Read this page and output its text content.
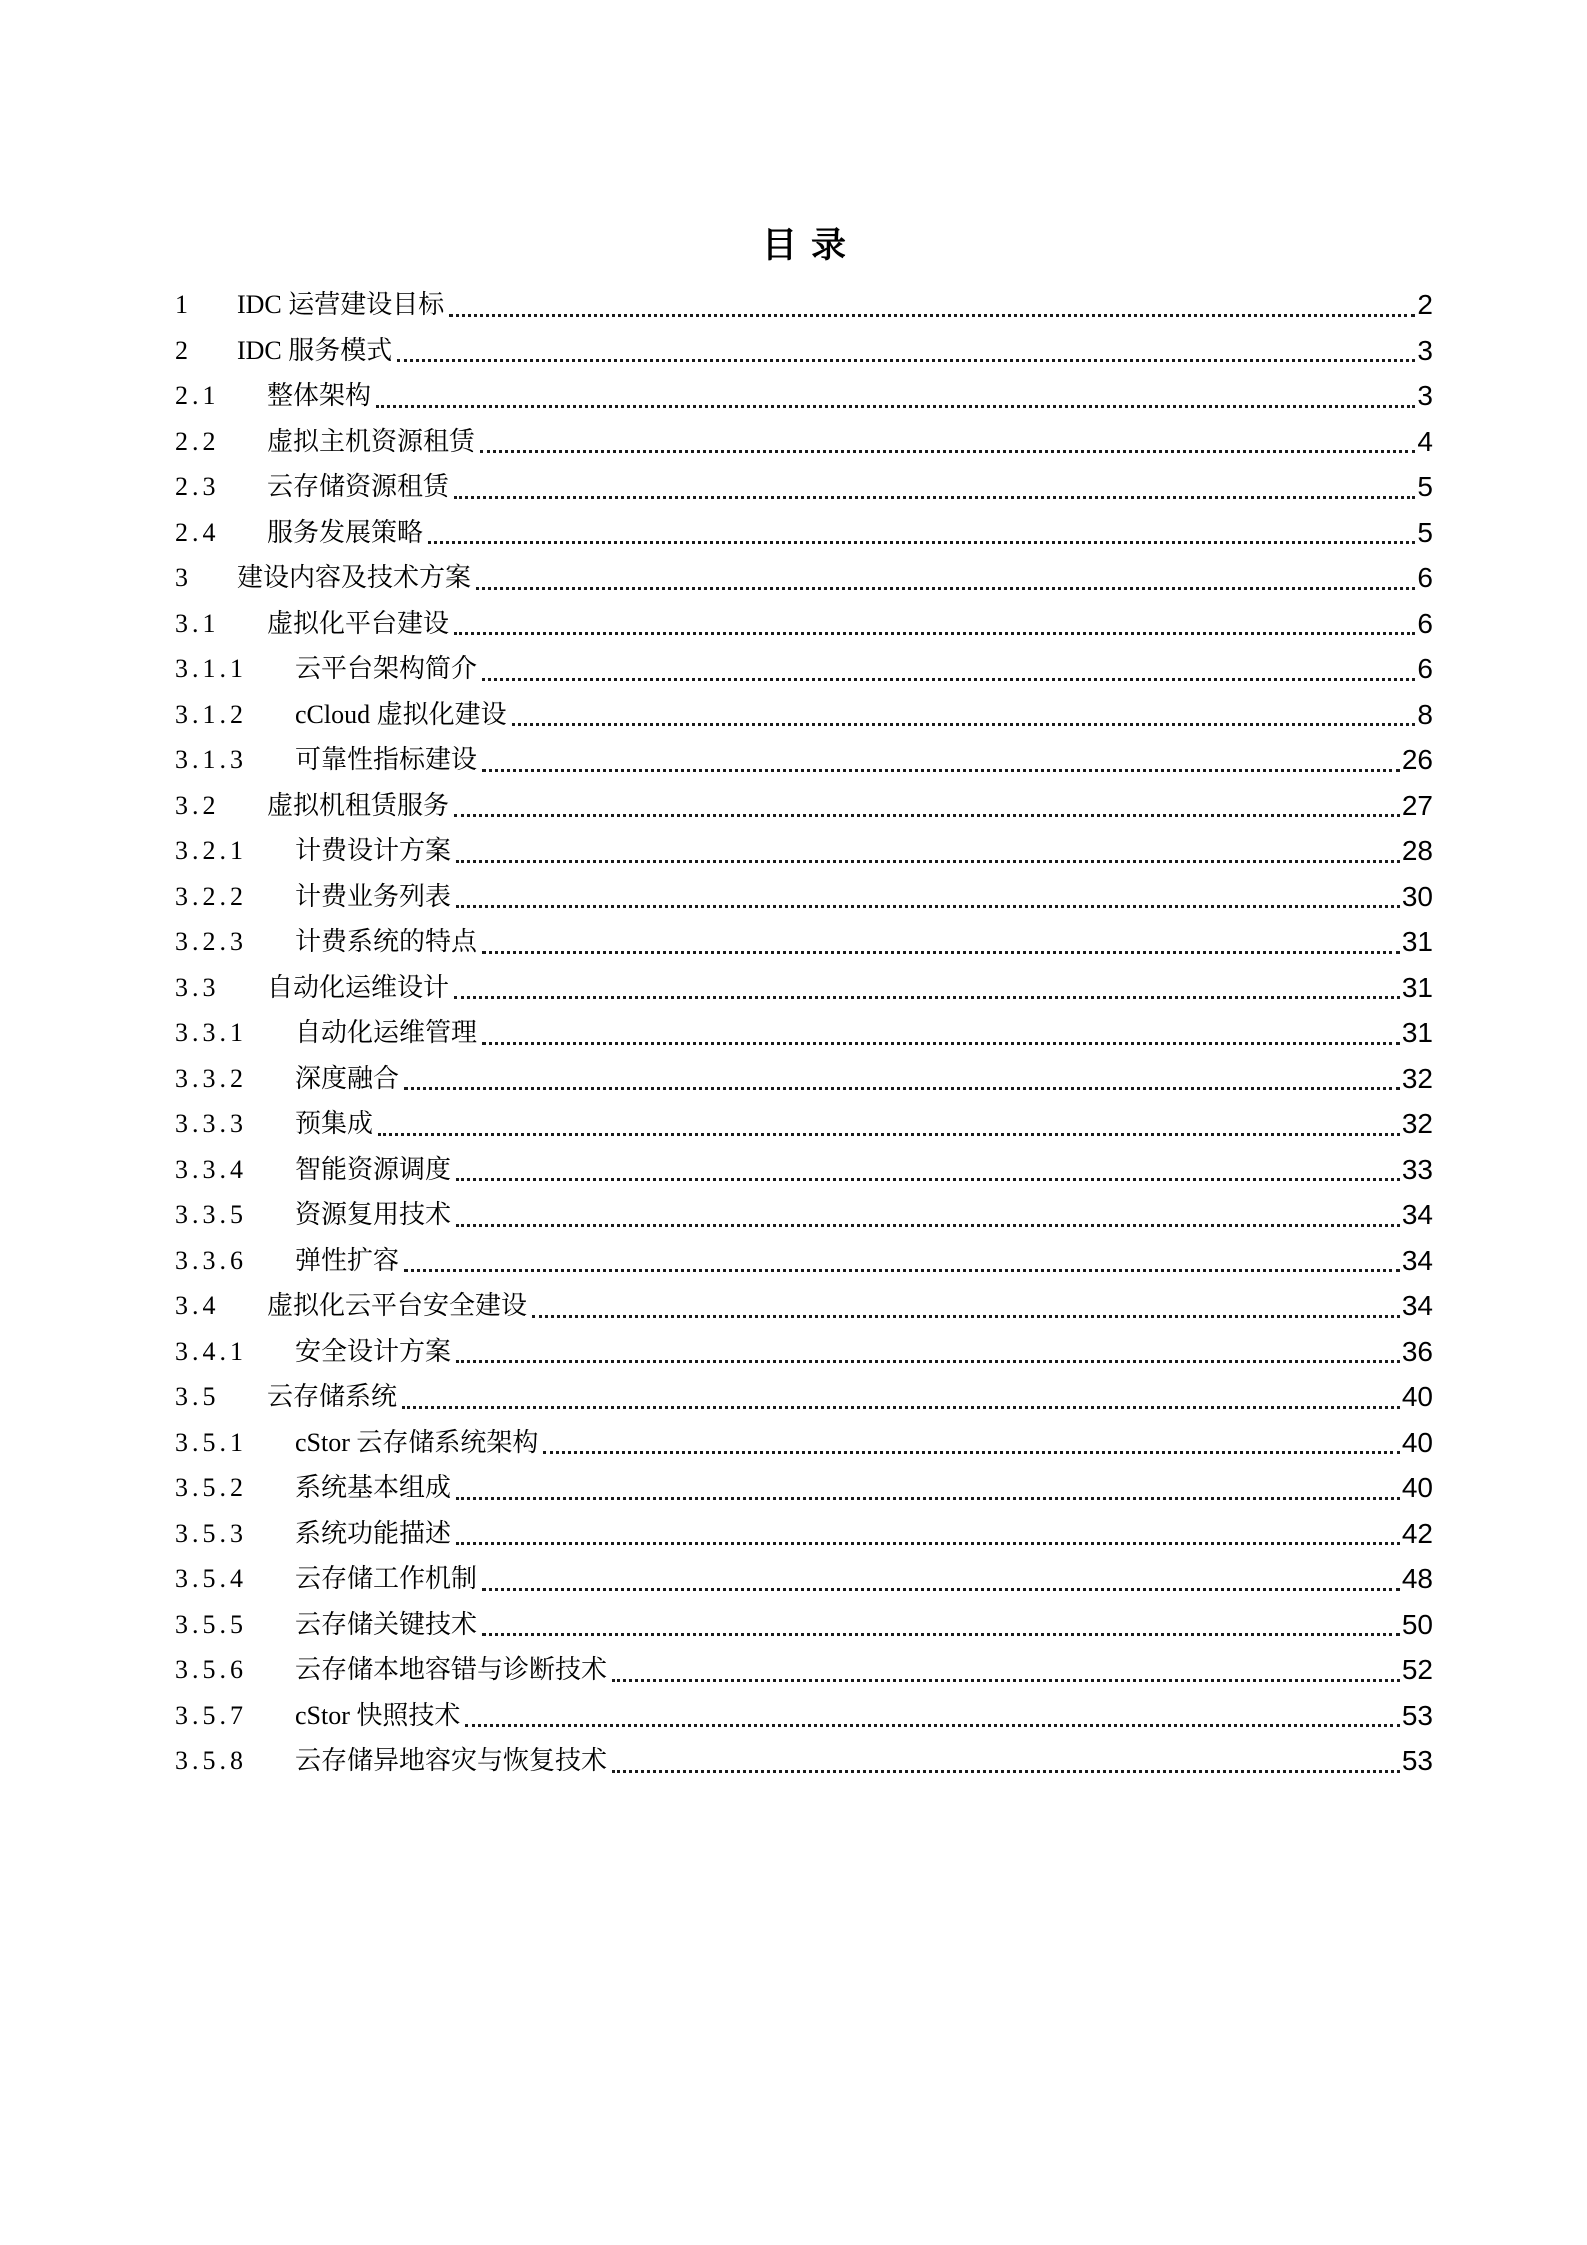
目录
1	IDC 运营建设目标	2
2	IDC 服务模式	3
2.1	整体架构	3
2.2	虚拟主机资源租赁	4
2.3	云存储资源租赁	5
2.4	服务发展策略	5
3	建设内容及技术方案	6
3.1	虚拟化平台建设	6
3.1.1	云平台架构简介	6
3.1.2	cCloud 虚拟化建设	8
3.1.3	可靠性指标建设	26
3.2	虚拟机租赁服务	27
3.2.1	计费设计方案	28
3.2.2	计费业务列表	30
3.2.3	计费系统的特点	31
3.3	自动化运维设计	31
3.3.1	自动化运维管理	31
3.3.2	深度融合	32
3.3.3	预集成	32
3.3.4	智能资源调度	33
3.3.5	资源复用技术	34
3.3.6	弹性扩容	34
3.4	虚拟化云平台安全建设	34
3.4.1	安全设计方案	36
3.5	云存储系统	40
3.5.1	cStor 云存储系统架构	40
3.5.2	系统基本组成	40
3.5.3	系统功能描述	42
3.5.4	云存储工作机制	48
3.5.5	云存储关键技术	50
3.5.6	云存储本地容错与诊断技术	52
3.5.7	cStor 快照技术	53
3.5.8	云存储异地容灾与恢复技术	53
